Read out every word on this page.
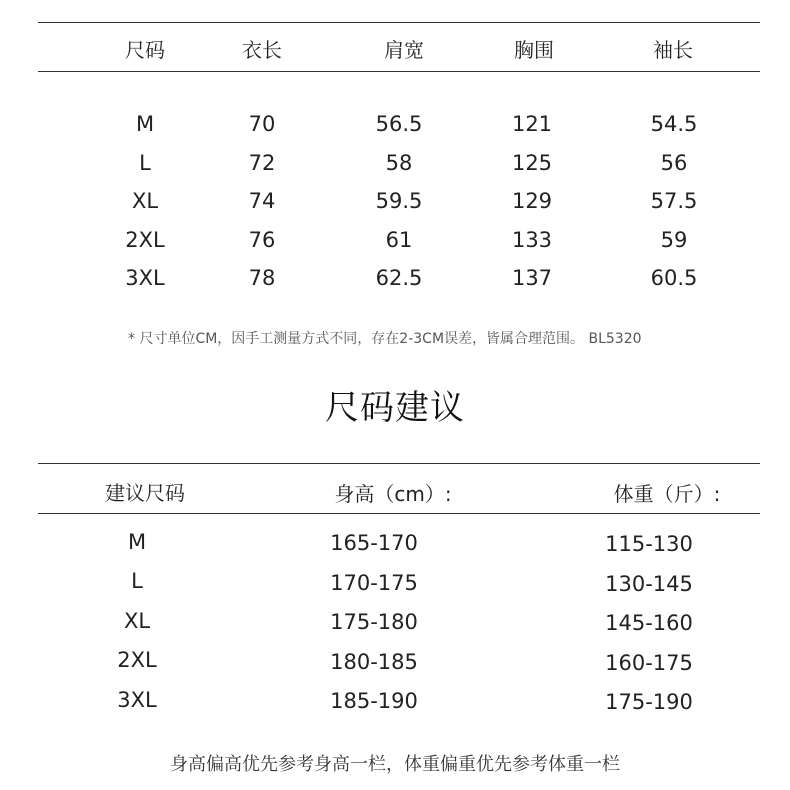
尺码	衣长	肩宽	胸围	袖长
M	70	56.5	121	54.5
L	72	58	125	56
XL	74	59.5	129	57.5
2XL	76	61	133	59
3XL	78	62.5	137	60.5
* 尺寸单位CM，因手工测量方式不同，存在2-3CM误差，皆属合理范围。 BL5320
尺码建议
建议尺码	身高（cm）:	体重（斤）:
M	165-170	115-130
L	170-175	130-145
XL	175-180	145-160
2XL	180-185	160-175
3XL	185-190	175-190
身高偏高优先参考身高一栏，体重偏重优先参考体重一栏
